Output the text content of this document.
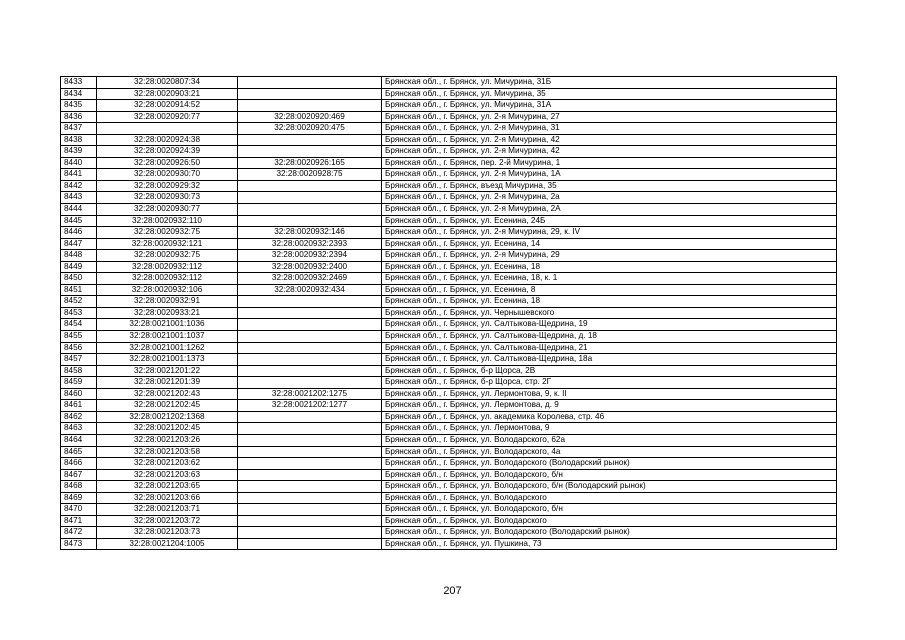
8433	32:28:0020807:34		Брянская обл., г. Брянск, ул. Мичурина, 31Б
8434	32:28:0020903:21		Брянская обл., г. Брянск, ул. Мичурина, 35
8435	32:28:0020914:52		Брянская обл., г. Брянск, ул. Мичурина, 31А
8436	32:28:0020920:77	32:28:0020920:469	Брянская обл., г. Брянск, ул. 2-я Мичурина, 27
8437		32:28:0020920:475	Брянская обл., г. Брянск, ул. 2-я Мичурина, 31
8438	32:28:0020924:38		Брянская обл., г. Брянск, ул. 2-я Мичурина, 42
8439	32:28:0020924:39		Брянская обл., г. Брянск, ул. 2-я Мичурина, 42
8440	32:28:0020926:50	32:28:0020926:165	Брянская обл., г. Брянск, пер. 2-й Мичурина, 1
8441	32:28:0020930:70	32:28:0020928:75	Брянская обл., г. Брянск, ул. 2-я Мичурина, 1А
8442	32:28:0020929:32		Брянская обл., г. Брянск, въезд Мичурина, 35
8443	32:28:0020930:73		Брянская обл., г. Брянск, ул. 2-я Мичурина, 2а
8444	32:28:0020930:77		Брянская обл., г. Брянск, ул. 2-я Мичурина, 2А
8445	32:28:0020932:110		Брянская обл., г. Брянск, ул. Есенина, 24Б
8446	32:28:0020932:75	32:28:0020932:146	Брянская обл., г. Брянск, ул. 2-я Мичурина, 29, к. IV
8447	32:28:0020932:121	32:28:0020932:2393	Брянская обл., г. Брянск, ул. Есенина, 14
8448	32:28:0020932:75	32:28:0020932:2394	Брянская обл., г. Брянск, ул. 2-я Мичурина, 29
8449	32:28:0020932:112	32:28:0020932:2400	Брянская обл., г. Брянск, ул. Есенина, 18
8450	32:28:0020932:112	32:28:0020932:2469	Брянская обл., г. Брянск, ул. Есенина, 18, к. 1
8451	32:28:0020932:106	32:28:0020932:434	Брянская обл., г. Брянск, ул. Есенина, 8
8452	32:28:0020932:91		Брянская обл., г. Брянск, ул. Есенина, 18
8453	32:28:0020933:21		Брянская обл., г. Брянск, ул. Чернышевского
8454	32:28:0021001:1036		Брянская обл., г. Брянск, ул. Салтыкова-Щедрина, 19
8455	32:28:0021001:1037		Брянская обл., г. Брянск, ул. Салтыкова-Щедрина, д. 18
8456	32:28:0021001:1262		Брянская обл., г. Брянск, ул. Салтыкова-Щедрина, 21
8457	32:28:0021001:1373		Брянская обл., г. Брянск, ул. Салтыкова-Щедрина, 18а
8458	32:28:0021201:22		Брянская обл., г. Брянск, б-р Щорса, 2В
8459	32:28:0021201:39		Брянская обл., г. Брянск, б-р Щорса, стр. 2Г
8460	32:28:0021202:43	32:28:0021202:1275	Брянская обл., г. Брянск, ул. Лермонтова, 9, к. II
8461	32:28:0021202:45	32:28:0021202:1277	Брянская обл., г. Брянск, ул. Лермонтова, д. 9
8462	32:28:0021202:1368		Брянская обл., г. Брянск, ул. академика Королева, стр. 46
8463	32:28:0021202:45		Брянская обл., г. Брянск, ул. Лермонтова, 9
8464	32:28:0021203:26		Брянская обл., г. Брянск, ул. Володарского, 62а
8465	32:28:0021203:58		Брянская обл., г. Брянск, ул. Володарского, 4а
8466	32:28:0021203:62		Брянская обл., г. Брянск, ул. Володарского (Володарский рынок)
8467	32:28:0021203:63		Брянская обл., г. Брянск, ул. Володарского, б/н
8468	32:28:0021203:65		Брянская обл., г. Брянск, ул. Володарского, б/н (Володарский рынок)
8469	32:28:0021203:66		Брянская обл., г. Брянск, ул. Володарского
8470	32:28:0021203:71		Брянская обл., г. Брянск, ул. Володарского, б/н
8471	32:28:0021203:72		Брянская обл., г. Брянск, ул. Володарского
8472	32:28:0021203:73		Брянская обл., г. Брянск, ул. Володарского (Володарский рынок)
8473	32:28:0021204:1005		Брянская обл., г. Брянск, ул. Пушкина, 73
207
